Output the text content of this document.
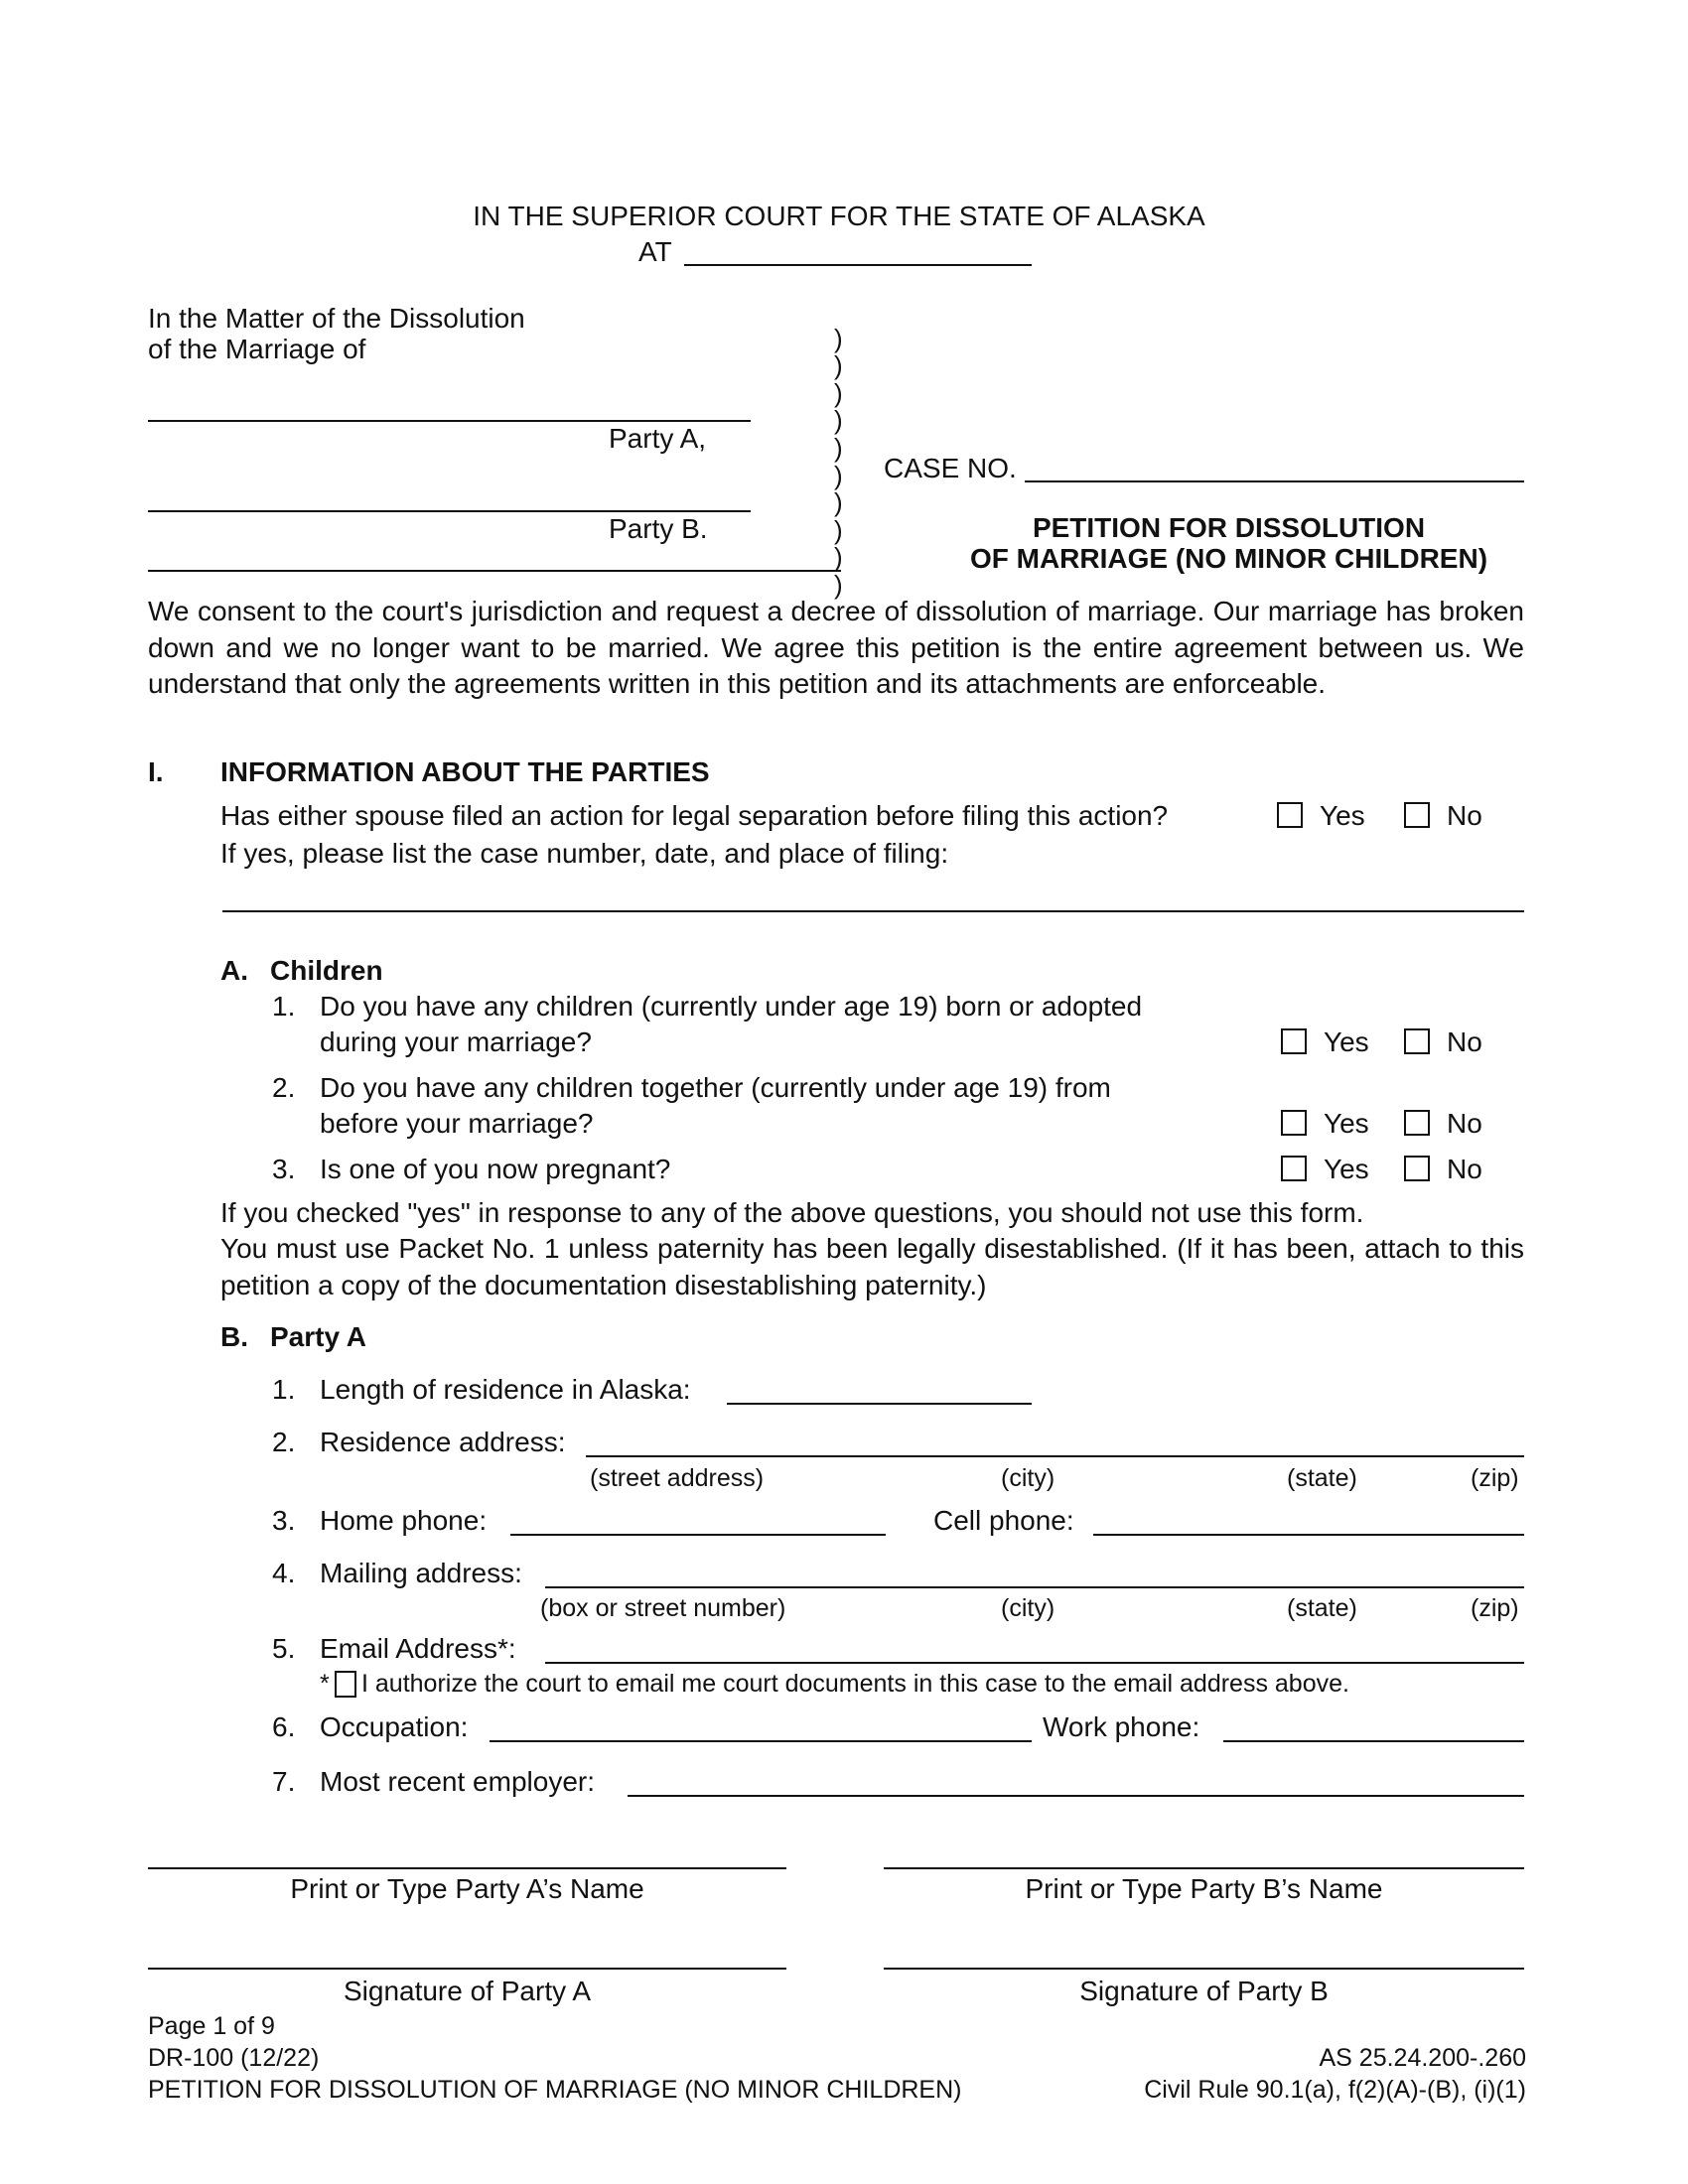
IN THE SUPERIOR COURT FOR THE STATE OF ALASKA
AT
In the Matter of the Dissolution
of the Marriage of
Party A,
Party B.

)
)
)
)
)
)
)
)
)
)
CASE NO.
PETITION FOR DISSOLUTION
OF MARRIAGE (NO MINOR CHILDREN)
We consent to the court's jurisdiction and request a decree of dissolution of marriage. Our marriage has broken down and we no longer want to be married. We agree this petition is the entire agreement between us. We understand that only the agreements written in this petition and its attachments are enforceable.
I. INFORMATION ABOUT THE PARTIES
Has either spouse filed an action for legal separation before filing this action?	Yes	No
If yes, please list the case number, date, and place of filing:
A. Children
1. Do you have any children (currently under age 19) born or adopted
during your marriage?	Yes	No
2. Do you have any children together (currently under age 19) from
before your marriage?	Yes	No
3. Is one of you now pregnant?	Yes	No
If you checked "yes" in response to any of the above questions, you should not use this form.
You must use Packet No. 1 unless paternity has been legally disestablished. (If it has been, attach to this petition a copy of the documentation disestablishing paternity.)
B. Party A
1. Length of residence in Alaska:
2. Residence address:
(street address)	(city)	(state)	(zip)
3. Home phone:	Cell phone:
4. Mailing address:
(box or street number)	(city)	(state)	(zip)
5. Email Address*:
* I authorize the court to email me court documents in this case to the email address above.
6. Occupation:	Work phone:
7. Most recent employer:
Print or Type Party A’s Name	Print or Type Party B’s Name
Signature of Party A	Signature of Party B
Page 1 of 9
DR-100 (12/22)
PETITION FOR DISSOLUTION OF MARRIAGE (NO MINOR CHILDREN)
AS 25.24.200-.260
Civil Rule 90.1(a), f(2)(A)-(B), (i)(1)
